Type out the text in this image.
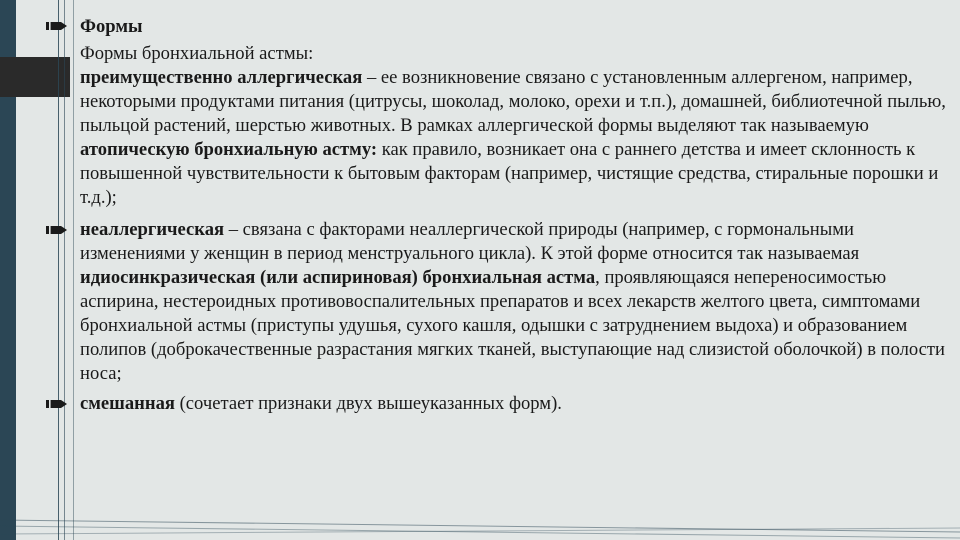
Формы
Формы бронхиальной астмы:
преимущественно аллергическая – ее возникновение связано с установленным аллергеном, например, некоторыми продуктами питания (цитрусы, шоколад, молоко, орехи и т.п.), домашней, библиотечной пылью, пыльцой растений, шерстью животных. В рамках аллергической формы выделяют так называемую атопическую бронхиальную астму: как правило, возникает она с раннего детства и имеет склонность к повышенной чувствительности к бытовым факторам (например, чистящие средства, стиральные порошки и т.д.);
неаллергическая – связана с факторами неаллергической природы (например, с гормональными изменениями у женщин в период менструального цикла). К этой форме относится так называемая идиосинкразическая (или аспириновая) бронхиальная астма, проявляющаяся непереносимостью аспирина, нестероидных противовоспалительных препаратов и всех лекарств желтого цвета, симптомами бронхиальной астмы (приступы удушья, сухого кашля, одышки с затруднением выдоха) и образованием полипов (доброкачественные разрастания мягких тканей, выступающие над слизистой оболочкой) в полости носа;
смешанная (сочетает признаки двух вышеуказанных форм).
